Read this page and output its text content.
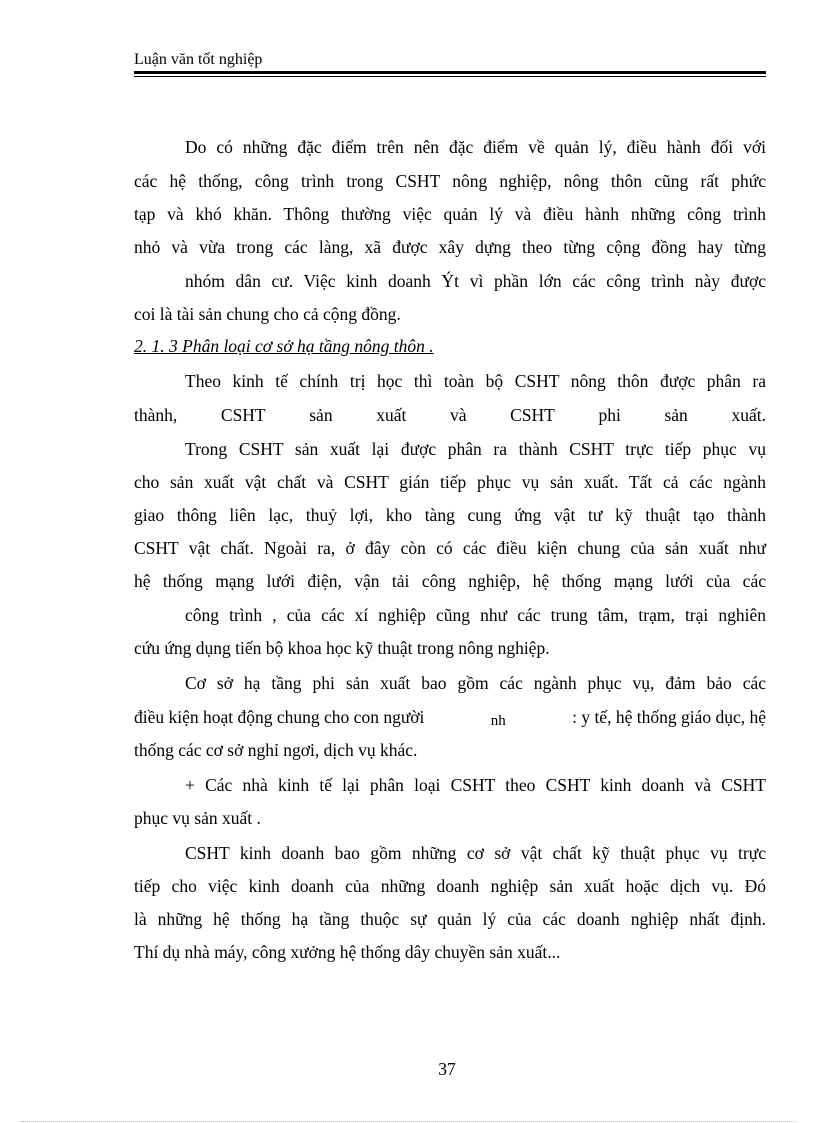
Luận văn tốt nghiệp
Do có những đặc điểm trên nên đặc điểm về quản lý, điều hành đối với
các hệ thống, công trình trong CSHT nông nghiệp, nông thôn cũng rất phức
tạp và khó khăn. Thông thường việc quản lý và điều hành những công trình
nhỏ và vừa trong các làng, xã được xây dựng theo từng cộng đồng hay từng
nhóm dân cư. Việc kinh doanh Ýt vì phần lớn các công trình này được
coi là tài sản chung cho cả cộng đồng.
2. 1. 3 Phân loại cơ sở hạ tầng nông thôn .
Theo kinh tế chính trị học thì toàn bộ CSHT nông thôn được phân ra
thành, CSHT sản xuất và CSHT phi sản xuất.
Trong CSHT sản xuất lại được phân ra thành CSHT trực tiếp phục vụ
cho sản xuất vật chất và CSHT gián tiếp phục vụ sản xuất. Tất cả các ngành
giao thông liên lạc, thuỷ lợi, kho tàng cung ứng vật tư kỹ thuật tạo thành
CSHT vật chất. Ngoài ra, ở đây còn có các điều kiện chung của sản xuất như
hệ thống mạng lưới điện, vận tải công nghiệp, hệ thống mạng lưới của các
công trình , của các xí nghiệp cũng như các trung tâm, trạm, trại nghiên
cứu ứng dụng tiến bộ khoa học kỹ thuật trong nông nghiệp.
Cơ sở hạ tầng phi sản xuất bao gồm các ngành phục vụ, đảm bảo các
điều kiện hoạt động chung cho con người	nh	: y tế, hệ thống giáo dục, hệ
thống các cơ sở nghỉ ngơi, dịch vụ khác.
+ Các nhà kinh tế lại phân loại CSHT theo CSHT kinh doanh và CSHT
phục vụ sản xuất .
CSHT kinh doanh bao gồm những cơ sở vật chất kỹ thuật phục vụ trực
tiếp cho việc kinh doanh của những doanh nghiệp sản xuất hoặc dịch vụ. Đó
là những hệ thống hạ tầng thuộc sự quản lý của các doanh nghiệp nhất định.
Thí dụ nhà máy, công xưởng hệ thống dây chuyền sản xuất...
37
